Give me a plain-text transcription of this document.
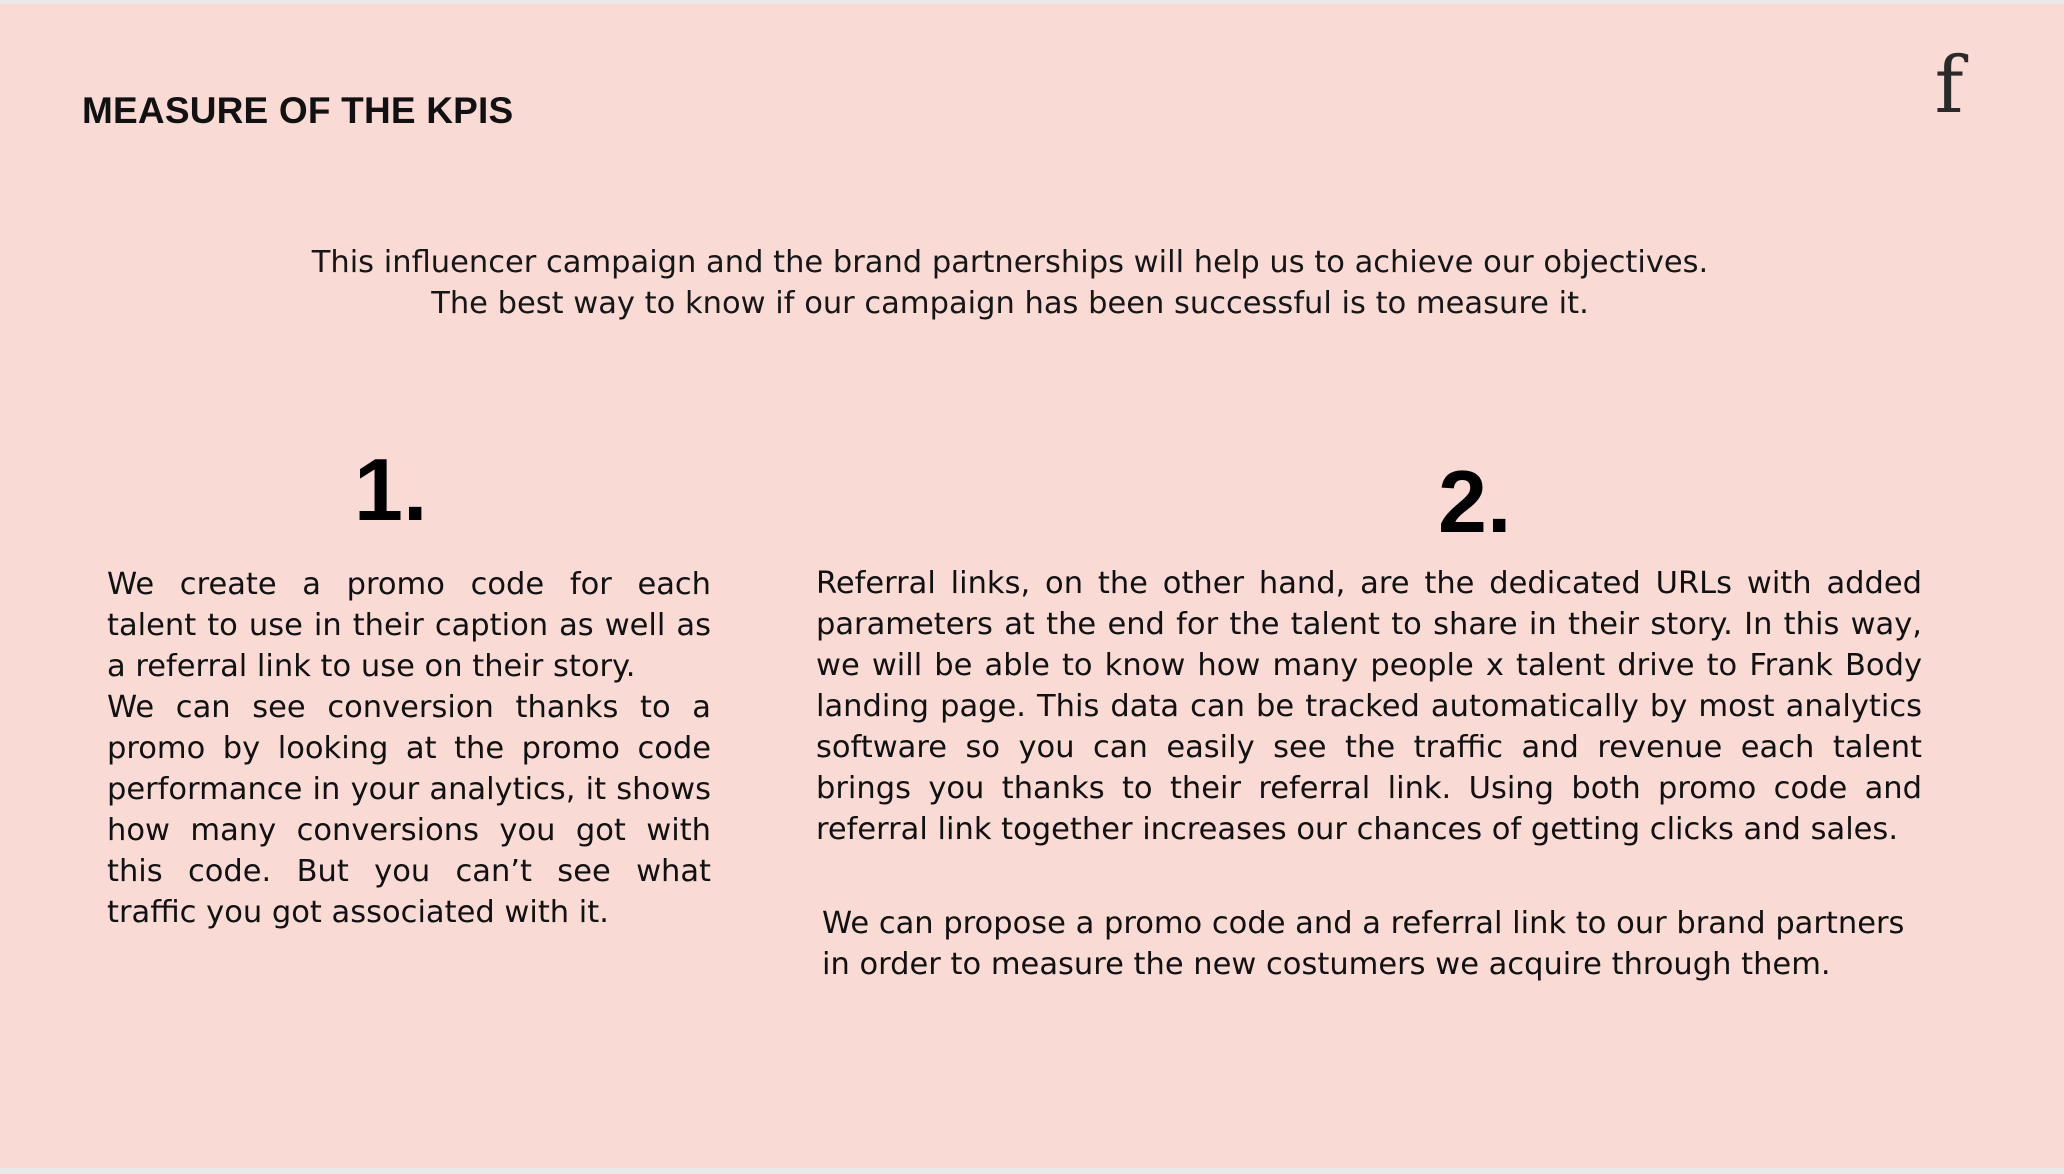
MEASURE OF THE KPIS	f
This influencer campaign and the brand partnerships will help us to achieve our objectives.
The best way to know if our campaign has been successful is to measure it.
1.	2.

We create a promo code for each talent to use in their caption as well as a referral link to use on their story.

We can see conversion thanks to a promo by looking at the promo code performance in your analytics, it shows how many conversions you got with this code. But you can’t see what traffic you got associated with it.

Referral links, on the other hand, are the dedicated URLs with added parameters at the end for the talent to share in their story. In this way, we will be able to know how many people x talent drive to Frank Body landing page. This data can be tracked automatically by most analytics software so you can easily see the traffic and revenue each talent brings you thanks to their referral link. Using both promo code and referral link together increases our chances of getting clicks and sales.

We can propose a promo code and a referral link to our brand partners in order to measure the new costumers we acquire through them.
